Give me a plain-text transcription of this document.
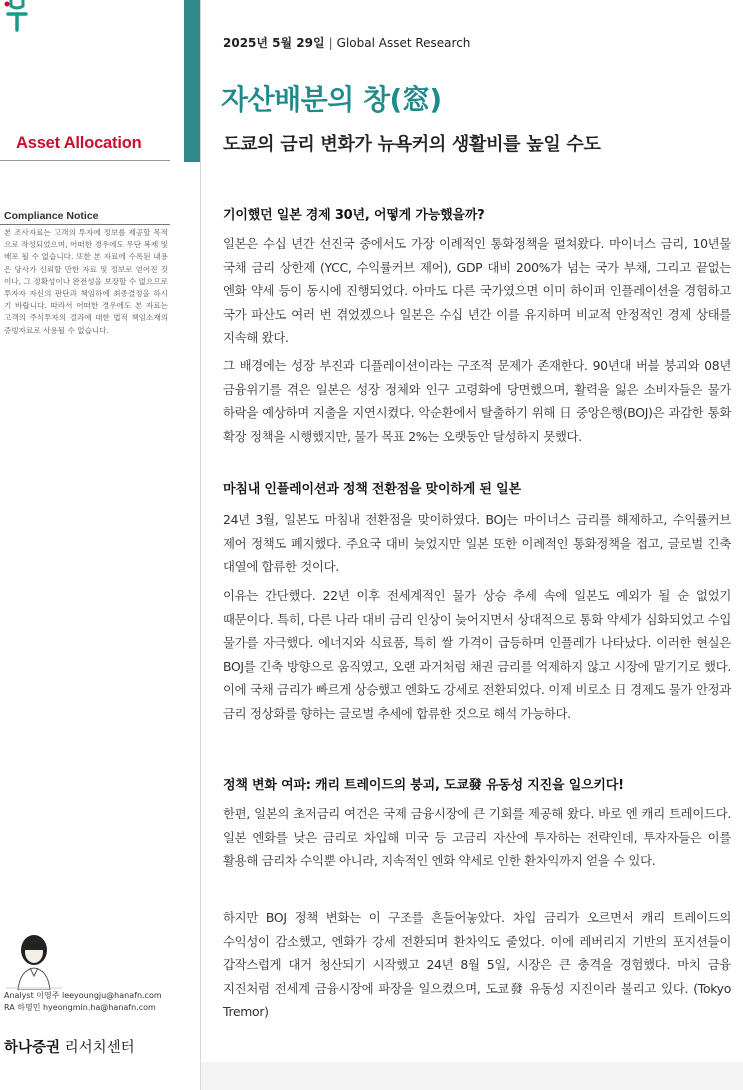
Asset Allocation
Compliance Notice
본 조사자료는 고객의 투자에 정보를 제공할 목적으로 작성되었으며, 어떠한 경우에도 무단 복제 및 배포 될 수 없습니다. 또한 본 자료에 수록된 내용은 당사가 신뢰할 만한 자료 및 정보로 얻어진 것이나, 그 정확성이나 완전성을 보장할 수 없으므로 투자자 자신의 판단과 책임하에 최종결정을 하시기 바랍니다. 따라서 어떠한 경우에도 본 자료는 고객의 주식투자의 결과에 대한 법적 책임소재의 증빙자료로 사용될 수 없습니다.
Analyst 이영주 leeyoungju@hanafn.com
RA 하명민 hyeongmin.ha@hanafn.com
하나증권 리서치센터
2025년 5월 29일 | Global Asset Research
자산배분의 창(窓)
도쿄의 금리 변화가 뉴욕커의 생활비를 높일 수도
기이했던 일본 경제 30년, 어떻게 가능했을까?
일본은 수십 년간 선진국 중에서도 가장 이례적인 통화정책을 펼쳐왔다. 마이너스 금리, 10년물 국채 금리 상한제 (YCC, 수익률커브 제어), GDP 대비 200%가 넘는 국가 부채, 그리고 끝없는 엔화 약세 등이 동시에 진행되었다. 아마도 다른 국가였으면 이미 하이퍼 인플레이션을 경험하고 국가 파산도 여러 번 겪었겠으나 일본은 수십 년간 이를 유지하며 비교적 안정적인 경제 상태를 지속해 왔다.
그 배경에는 성장 부진과 디플레이션이라는 구조적 문제가 존재한다. 90년대 버블 붕괴와 08년 금융위기를 겪은 일본은 성장 정체와 인구 고령화에 당면했으며, 활력을 잃은 소비자들은 물가 하락을 예상하며 지출을 지연시켰다. 악순환에서 탈출하기 위해 日 중앙은행(BOJ)은 과감한 통화 확장 정책을 시행했지만, 물가 목표 2%는 오랫동안 달성하지 못했다.
마침내 인플레이션과 정책 전환점을 맞이하게 된 일본
24년 3월, 일본도 마침내 전환점을 맞이하였다. BOJ는 마이너스 금리를 해제하고, 수익률커브 제어 정책도 폐지했다. 주요국 대비 늦었지만 일본 또한 이례적인 통화정책을 접고, 글로벌 긴축 대열에 합류한 것이다.
이유는 간단했다. 22년 이후 전세계적인 물가 상승 추세 속에 일본도 예외가 될 순 없었기 때문이다. 특히, 다른 나라 대비 금리 인상이 늦어지면서 상대적으로 통화 약세가 심화되었고 수입 물가를 자극했다. 에너지와 식료품, 특히 쌀 가격이 급등하며 인플레가 나타났다. 이러한 현실은 BOJ를 긴축 방향으로 움직였고, 오랜 과거처럼 채권 금리를 억제하지 않고 시장에 맡기기로 했다. 이에 국채 금리가 빠르게 상승했고 엔화도 강세로 전환되었다. 이제 비로소 日 경제도 물가 안정과 금리 정상화를 향하는 글로벌 추세에 합류한 것으로 해석 가능하다.
정책 변화 여파: 캐리 트레이드의 붕괴, 도쿄發 유동성 지진을 일으키다!
한편, 일본의 초저금리 여건은 국제 금융시장에 큰 기회를 제공해 왔다. 바로 엔 캐리 트레이드다. 일본 엔화를 낮은 금리로 차입해 미국 등 고금리 자산에 투자하는 전략인데, 투자자들은 이를 활용해 금리차 수익뿐 아니라, 지속적인 엔화 약세로 인한 환차익까지 얻을 수 있다.
하지만 BOJ 정책 변화는 이 구조를 흔들어놓았다. 차입 금리가 오르면서 캐리 트레이드의 수익성이 감소했고, 엔화가 강세 전환되며 환차익도 줄었다. 이에 레버리지 기반의 포지션들이 갑작스럽게 대거 청산되기 시작했고 24년 8월 5일, 시장은 큰 충격을 경험했다. 마치 금융 지진처럼 전세계 금융시장에 파장을 일으켰으며, 도쿄發 유동성 지진이라 불리고 있다. (Tokyo Tremor)
